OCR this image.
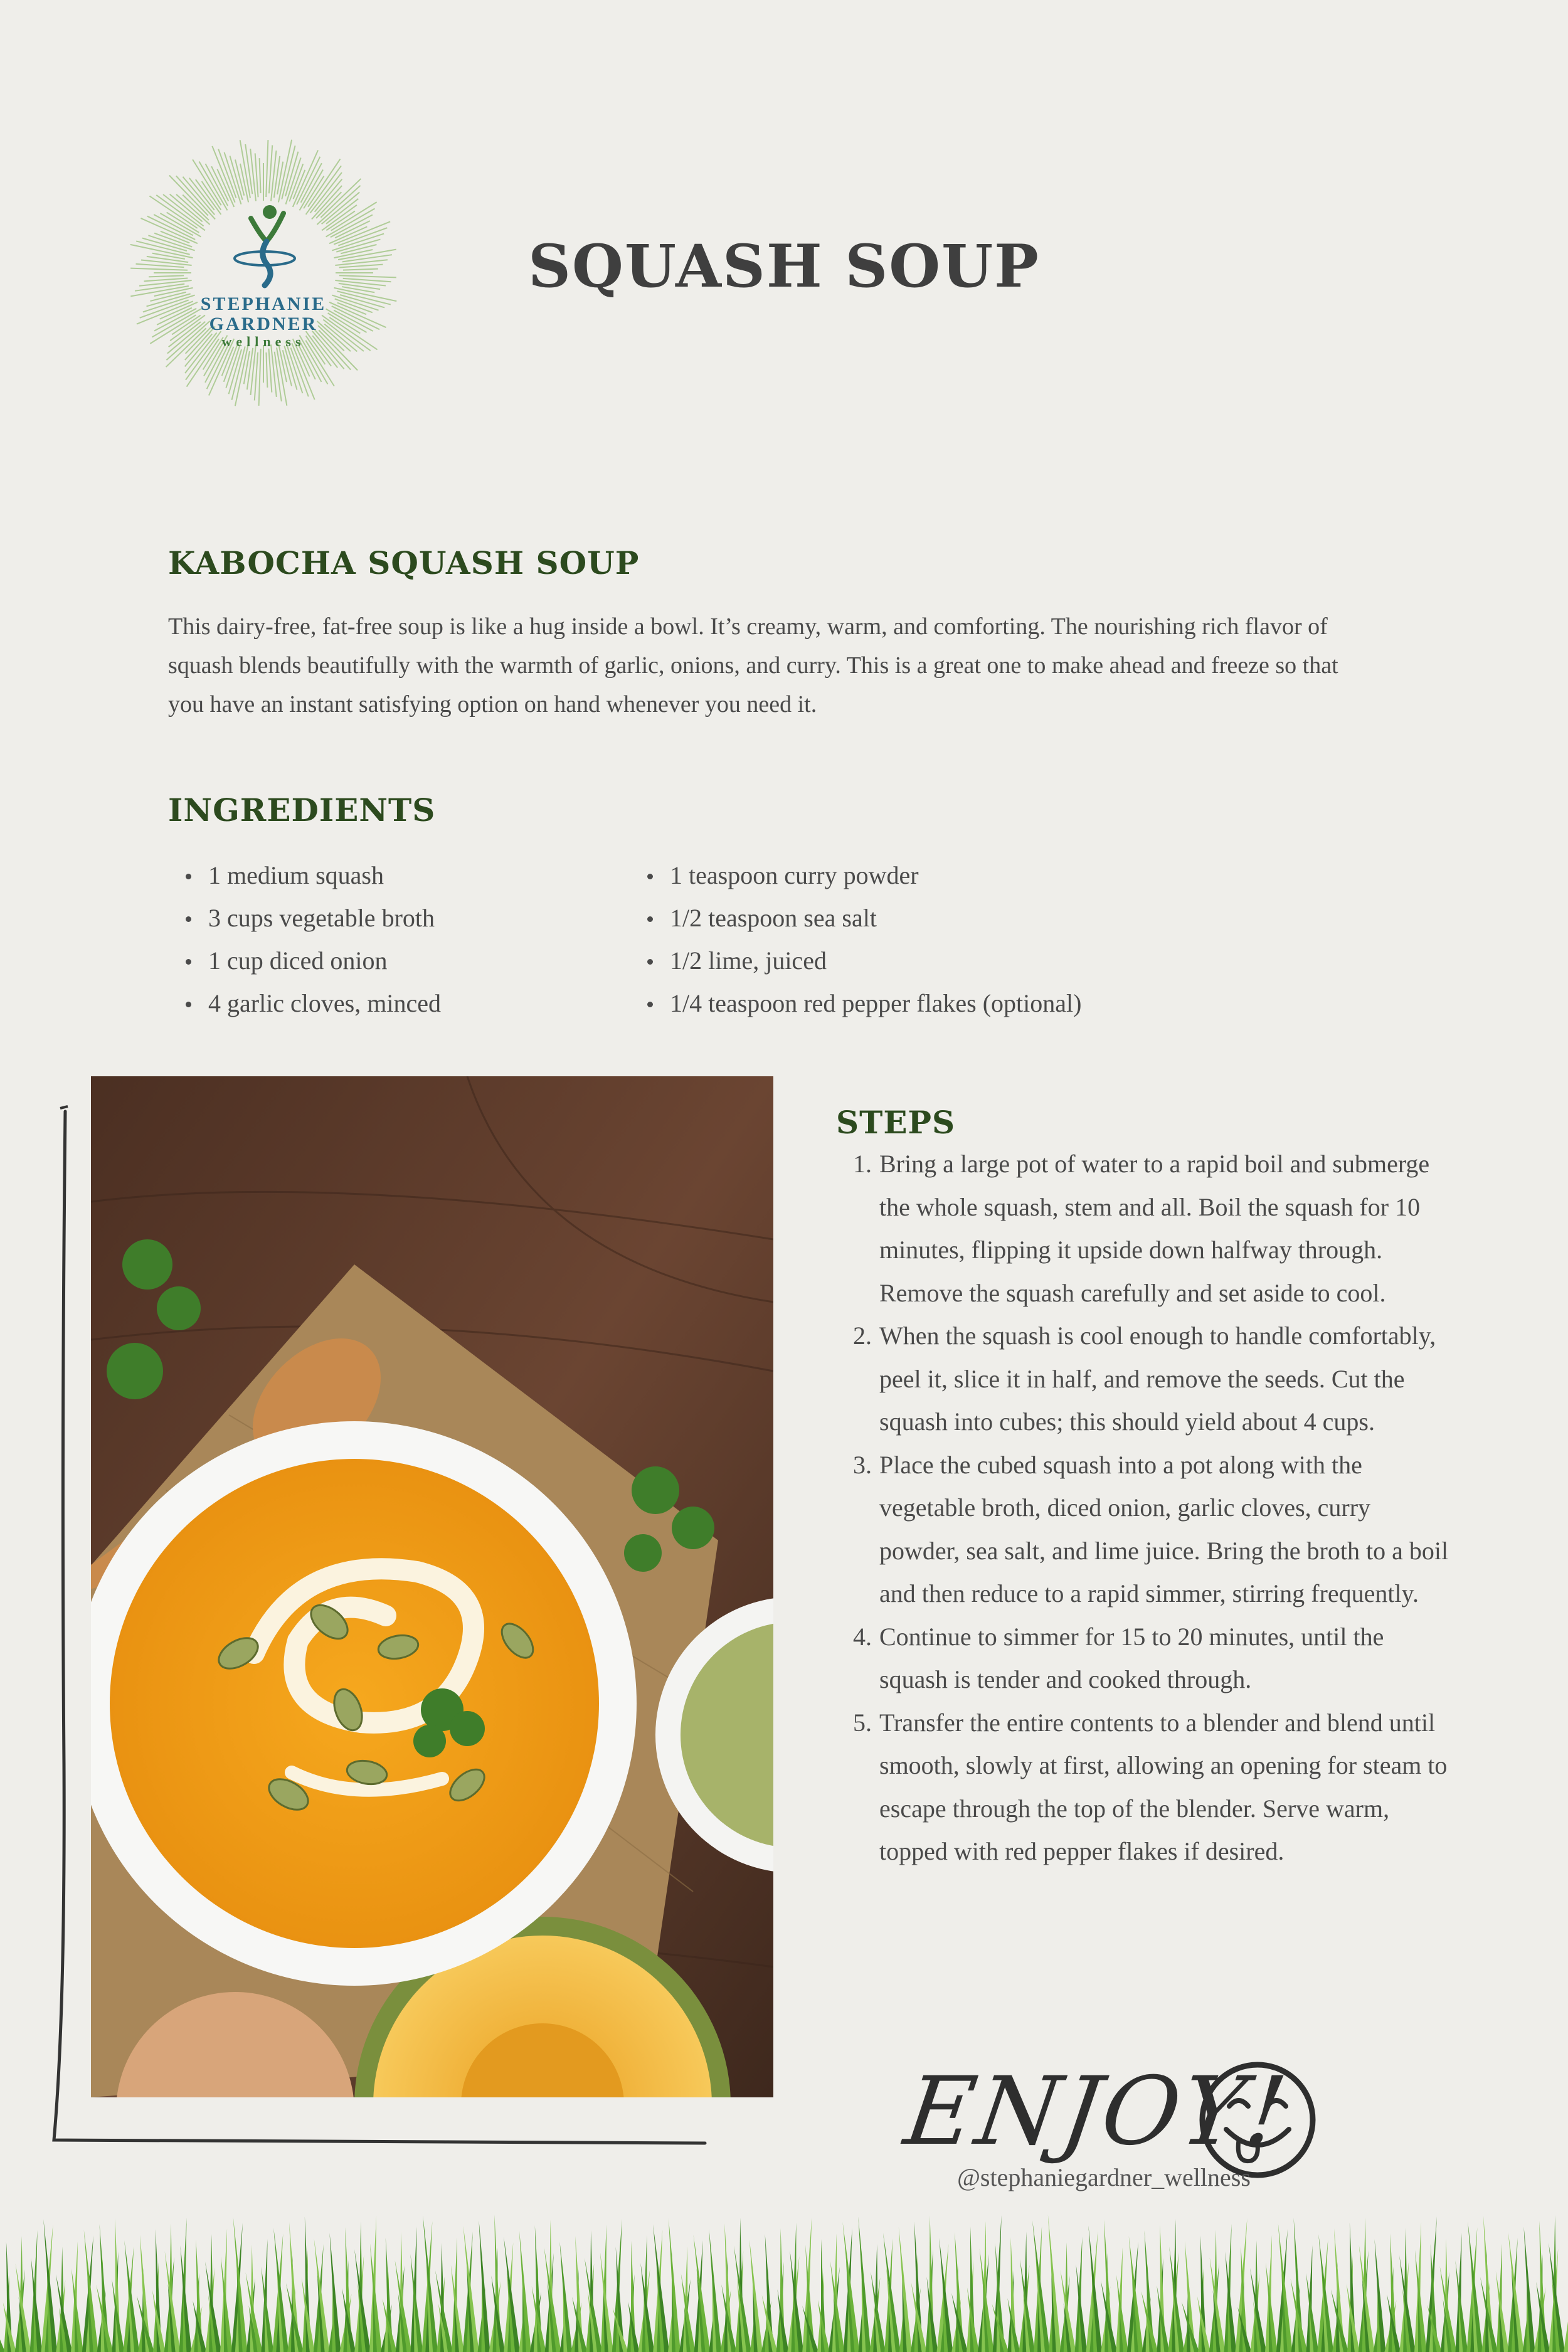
STEPHANIE
GARDNER
wellness
SQUASH SOUP
KABOCHA SQUASH SOUP
This dairy-free, fat-free soup is like a hug inside a bowl. It’s creamy, warm, and comforting. The nourishing rich flavor of squash blends beautifully with the warmth of garlic, onions, and curry. This is a great one to make ahead and freeze so that you have an instant satisfying option on hand whenever you need it.
INGREDIENTS
1 medium squash
3 cups vegetable broth
1 cup diced onion
4 garlic cloves, minced
1 teaspoon curry powder
1/2 teaspoon sea salt
1/2 lime, juiced
1/4 teaspoon red pepper flakes (optional)
STEPS
1. Bring a large pot of water to a rapid boil and submerge the whole squash, stem and all. Boil the squash for 10 minutes, flipping it upside down halfway through. Remove the squash carefully and set aside to cool.
2. When the squash is cool enough to handle comfortably, peel it, slice it in half, and remove the seeds. Cut the squash into cubes; this should yield about 4 cups.
3. Place the cubed squash into a pot along with the vegetable broth, diced onion, garlic cloves, curry powder, sea salt, and lime juice. Bring the broth to a boil and then reduce to a rapid simmer, stirring frequently.
4. Continue to simmer for 15 to 20 minutes, until the squash is tender and cooked through.
5. Transfer the entire contents to a blender and blend until smooth, slowly at first, allowing an opening for steam to escape through the top of the blender. Serve warm, topped with red pepper flakes if desired.
ENJOY!
@stephaniegardner_wellness
